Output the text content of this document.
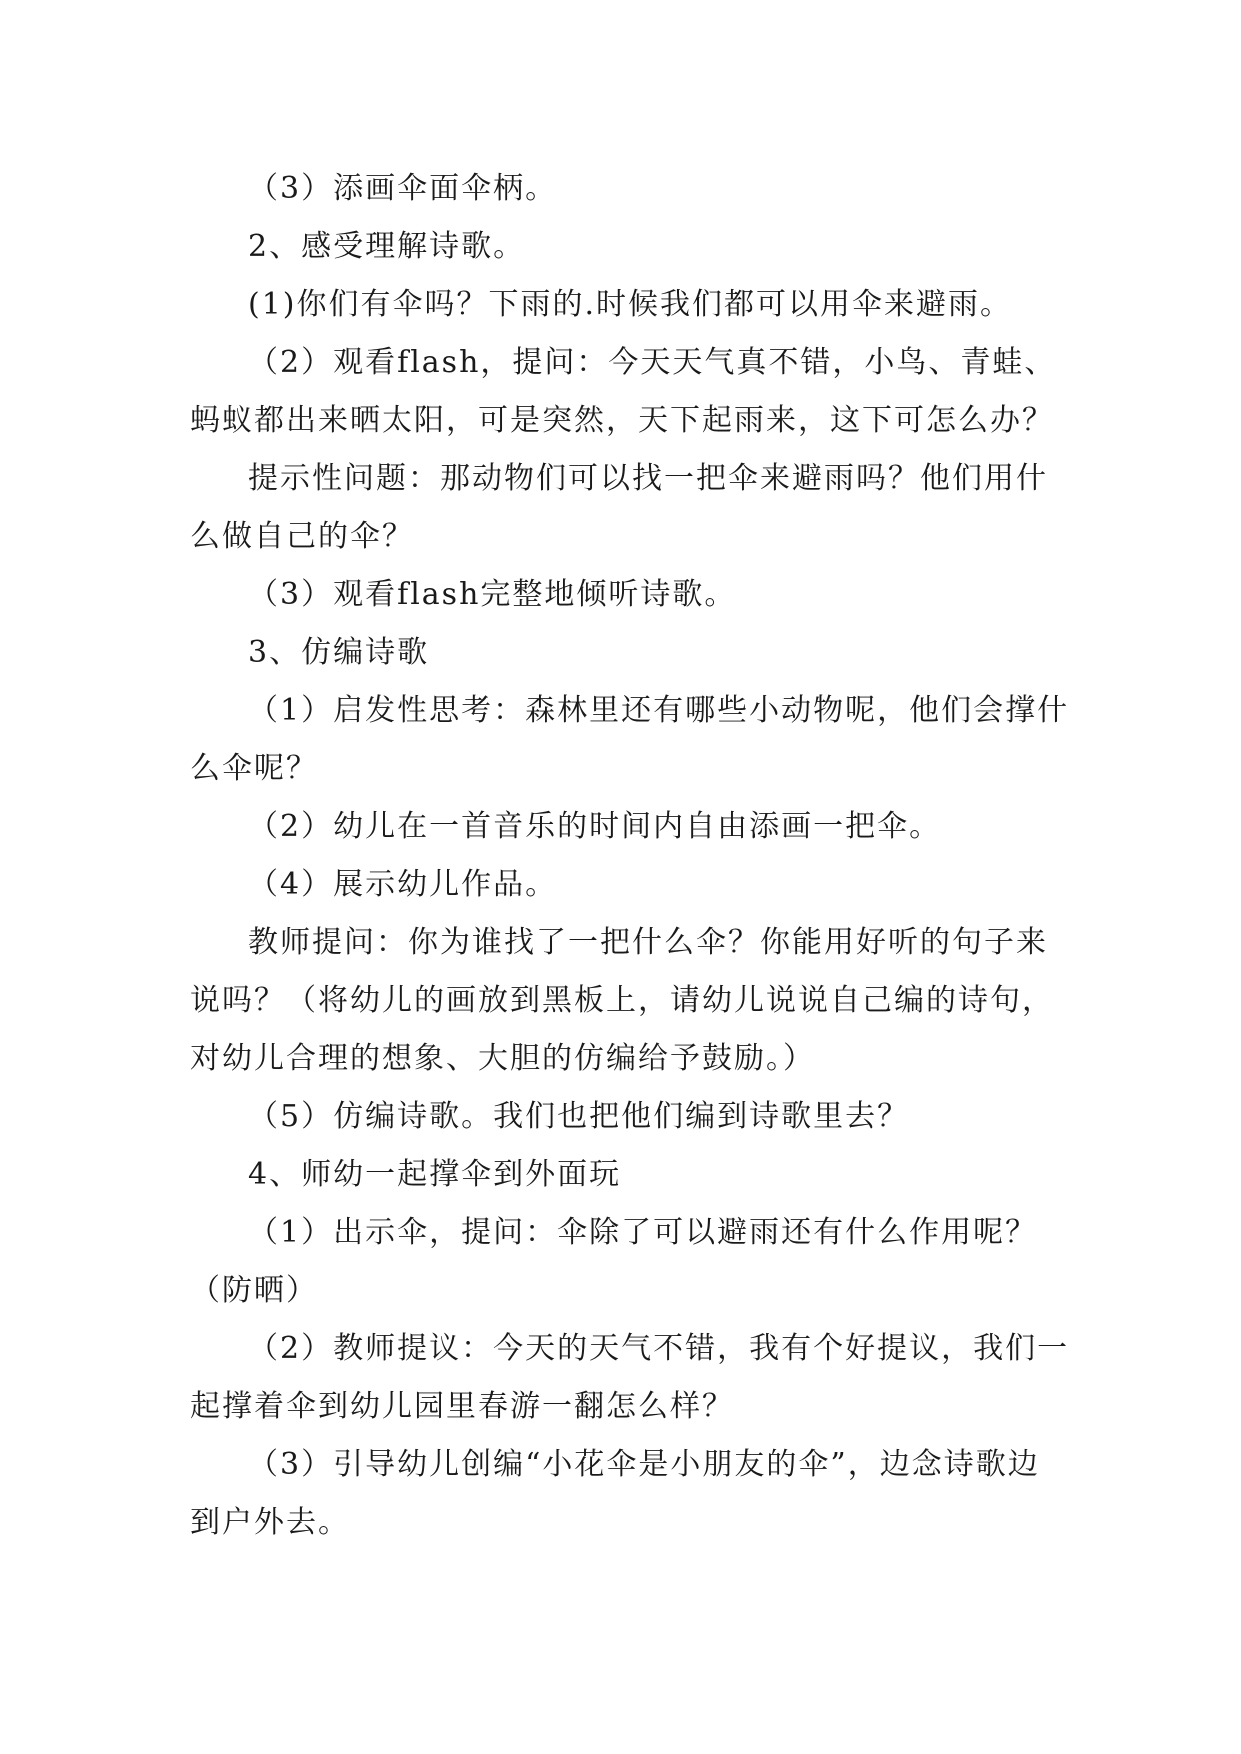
（3）添画伞面伞柄。

2、感受理解诗歌。

(1)你们有伞吗？下雨的.时候我们都可以用伞来避雨。

（2）观看flash，提问：今天天气真不错，小鸟、青蛙、蚂蚁都出来晒太阳，可是突然，天下起雨来，这下可怎么办？

提示性问题：那动物们可以找一把伞来避雨吗？他们用什么做自己的伞？

（3）观看flash完整地倾听诗歌。

3、仿编诗歌

（1）启发性思考：森林里还有哪些小动物呢，他们会撑什么伞呢？

（2）幼儿在一首音乐的时间内自由添画一把伞。

（4）展示幼儿作品。

教师提问：你为谁找了一把什么伞？你能用好听的句子来说吗？（将幼儿的画放到黑板上，请幼儿说说自己编的诗句，对幼儿合理的想象、大胆的仿编给予鼓励。）

（5）仿编诗歌。我们也把他们编到诗歌里去？

4、师幼一起撑伞到外面玩

（1）出示伞，提问：伞除了可以避雨还有什么作用呢？（防晒）

（2）教师提议：今天的天气不错，我有个好提议，我们一起撑着伞到幼儿园里春游一翻怎么样？

（3）引导幼儿创编“小花伞是小朋友的伞”，边念诗歌边到户外去。
